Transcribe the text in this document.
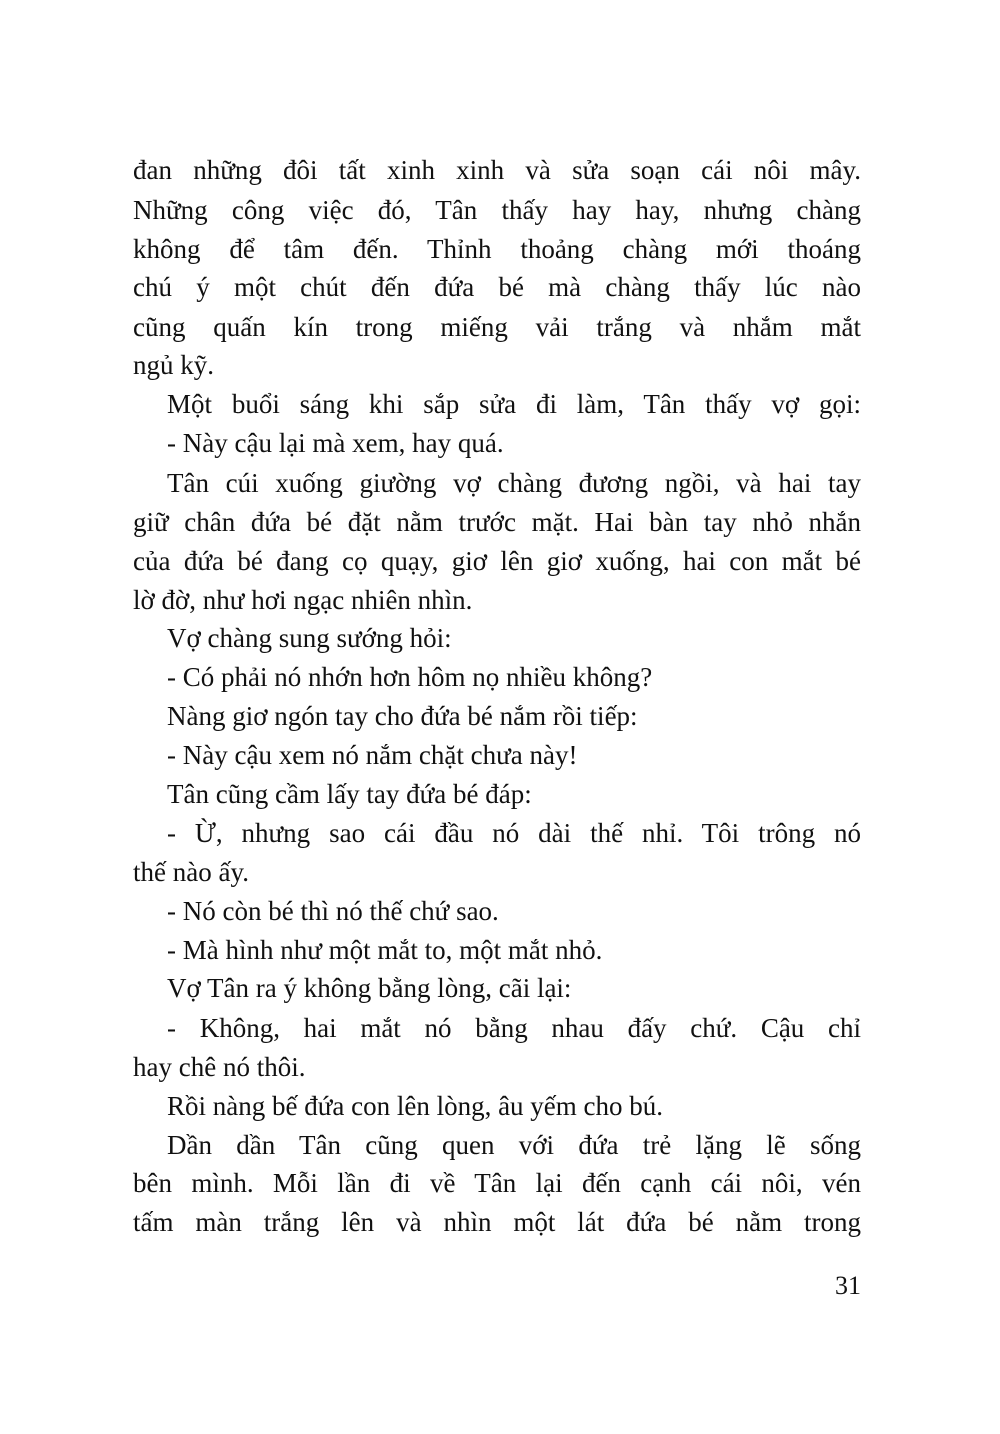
đan những đôi tất xinh xinh và sửa soạn cái nôi mây.
Những công việc đó, Tân thấy hay hay, nhưng chàng
không để tâm đến. Thỉnh thoảng chàng mới thoáng
chú ý một chút đến đứa bé mà chàng thấy lúc nào
cũng quấn kín trong miếng vải trắng và nhắm mắt
ngủ kỹ.
Một buổi sáng khi sắp sửa đi làm, Tân thấy vợ gọi:
- Này cậu lại mà xem, hay quá.
Tân cúi xuống giường vợ chàng đương ngồi, và hai tay
giữ chân đứa bé đặt nằm trước mặt. Hai bàn tay nhỏ nhắn
của đứa bé đang cọ quạy, giơ lên giơ xuống, hai con mắt bé
lờ đờ, như hơi ngạc nhiên nhìn.
Vợ chàng sung sướng hỏi:
- Có phải nó nhớn hơn hôm nọ nhiều không?
Nàng giơ ngón tay cho đứa bé nắm rồi tiếp:
- Này cậu xem nó nắm chặt chưa này!
Tân cũng cầm lấy tay đứa bé đáp:
- Ừ, nhưng sao cái đầu nó dài thế nhỉ. Tôi trông nó
thế nào ấy.
- Nó còn bé thì nó thế chứ sao.
- Mà hình như một mắt to, một mắt nhỏ.
Vợ Tân ra ý không bằng lòng, cãi lại:
- Không, hai mắt nó bằng nhau đấy chứ. Cậu chỉ
hay chê nó thôi.
Rồi nàng bế đứa con lên lòng, âu yếm cho bú.
Dần dần Tân cũng quen với đứa trẻ lặng lẽ sống
bên mình. Mỗi lần đi về Tân lại đến cạnh cái nôi, vén
tấm màn trắng lên và nhìn một lát đứa bé nằm trong
31
